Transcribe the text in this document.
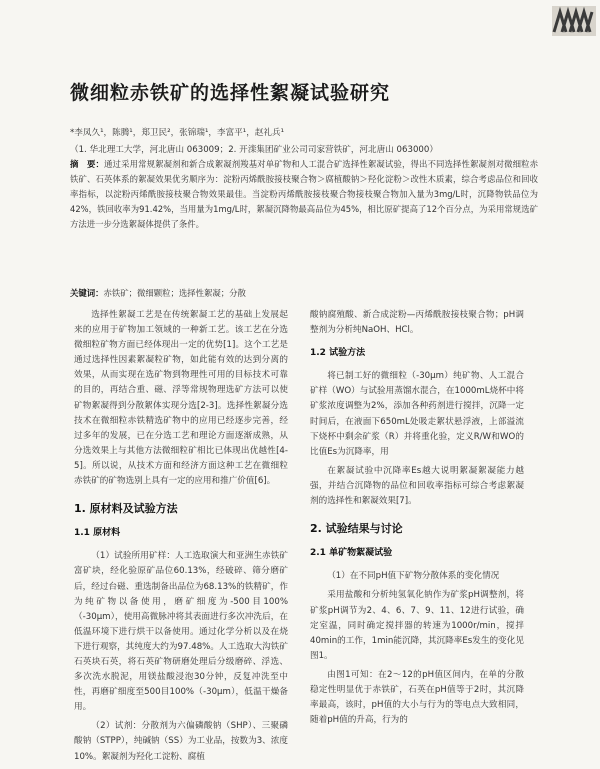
微细粒赤铁矿的选择性絮凝试验研究
*李凤久¹，陈腾¹，郑卫民²，张锦瑞¹，李富平¹，赵礼兵¹
（1. 华北理工大学，河北唐山 063009；2. 开滦集团矿业公司司家营铁矿，河北唐山 063000）
摘　要：通过采用常规絮凝剂和新合成絮凝剂羧基对单矿物和人工混合矿选择性絮凝试验，得出不同选择性絮凝剂对微细粒赤铁矿、石英体系的絮凝效果优劣顺序为：淀粉丙烯酰胺接枝聚合物＞腐植酸钠＞羟化淀粉＞改性木质素，综合考虑品位和回收率指标，以淀粉丙烯酰胺接枝聚合物效果最佳。当淀粉丙烯酰胺接枝聚合物接枝聚合物加入量为3mg/L时，沉降物铁品位为42%，铁回收率为91.42%，当用量为1mg/L时，絮凝沉降物最高品位为45%，相比原矿提高了12个百分点，为采用常规选矿方法进一步分选絮凝体提供了条件。
关键词：赤铁矿；微细颗粒；选择性絮凝；分散

选择性絮凝工艺是在传统絮凝工艺的基础上发展起来的应用于矿物加工领域的一种新工艺。该工艺在分选微细粒矿物方面已经体现出一定的优势[1]。这个工艺是通过选择性因素絮凝粒矿物，如此能有效的达到分离的效果，从而实现在选矿物到物理性可用的目标技术可靠的目的，再结合重、磁、浮等常规物理选矿方法可以使矿物絮凝得到分散絮体实现分选[2-3]。选择性絮凝分选技术在微细粒赤铁精选矿物中的应用已经逐步完善，经过多年的发展，已在分选工艺和理论方面逐渐成熟，从分选效果上与其他方法微细粒矿相比已体现出优越性[4-5]。所以说，从技术方面和经济方面这种工艺在微细粒赤铁矿的矿物选别上具有一定的应用和推广价值[6]。

1. 原材料及试验方法
1.1 原材料

（1）试验所用矿样：人工选取演大和亚洲生赤铁矿富矿块，经化验原矿品位60.13%，经破碎、筛分磨矿后，经过台磁、重选制备出品位为68.13%的铁精矿，作为纯矿物以备使用，磨矿细度为-500目100%（-30μm），使用高微脉冲将其表面进行多次冲洗后，在低温环境下进行烘干以备使用。通过化学分析以及在烧下进行观察，其纯度大约为97.48%。人工选取大沟铁矿石英块石英，将石英矿物研磨处理后分级磨碎、浮选、多次洗水脱泥，用镁盐酸浸泡30分钟，反复冲洗至中性，再磨矿细度至500目100%（-30μm），低温干燥备用。

（2）试剂：分散剂为六偏磷酸钠（SHP）、三聚磷酸钠（STPP），纯碱钠（SS）为工业品，按数为3、浓度10%。絮凝剂为羟化工淀粉、腐植

酸钠腐殖酸、新合成淀粉—丙烯酰胺接枝聚合物；pH调整剂为分析纯NaOH、HCl。

1.2 试验方法

将已制工好的微细粒（-30μm）纯矿物、人工混合矿样（WO）与试验用蒸馏水混合，在1000mL烧杯中将矿浆浓度调整为2%，添加各种药剂进行搅拌，沉降一定时间后，在液面下650mL处吸走絮状悬浮液，上部溢流下烧杯中剩余矿浆（R）并将重化验，定义R/W和WO的比值Es为沉降率，用

在絮凝试验中沉降率Es越大说明絮凝絮凝能力越强，并结合沉降物的品位和回收率指标可综合考虑絮凝剂的选择性和絮凝效果[7]。

2. 试验结果与讨论
2.1 单矿物絮凝试验

（1）在不同pH值下矿物分散体系的变化情况

采用盐酸和分析纯氢氧化钠作为矿浆pH调整剂，将矿浆pH调节为2、4、6、7、9、11、12进行试验，确定室温，同时确定搅拌器的转速为1000r/min，搅拌40min的工作，1min能沉降，其沉降率Es发生的变化见图1。

由图1可知：在2～12的pH值区间内，在单的分散稳定性明显优于赤铁矿，石英在pH值等于2时，其沉降率最高，该时，pH值的大小与行为的等电点大致相同，随着pH值的升高，行为的
